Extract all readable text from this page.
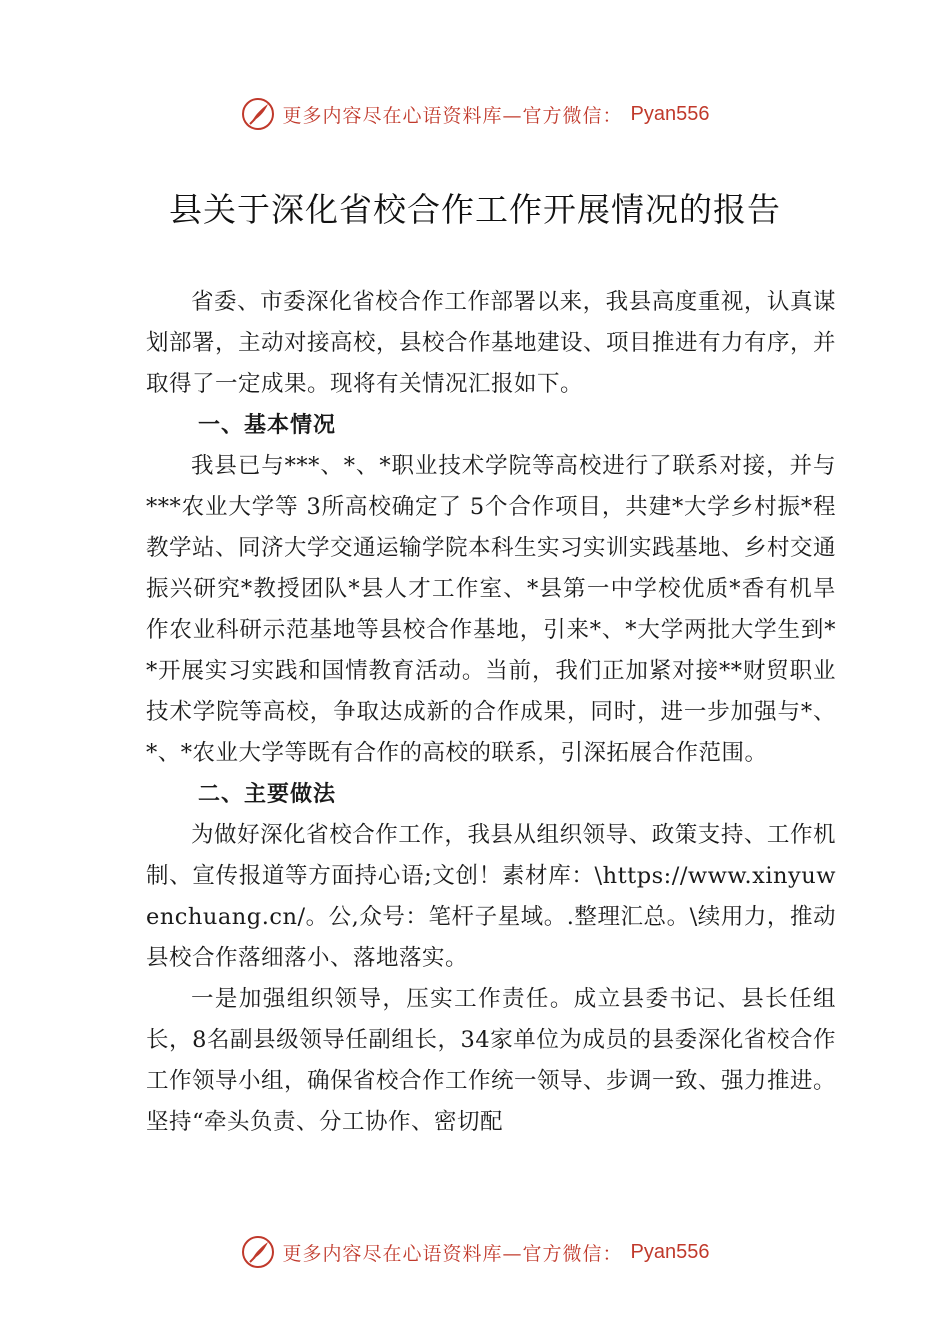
更多内容尽在心语资料库—官方微信： Pyan556
县关于深化省校合作工作开展情况的报告

省委、市委深化省校合作工作部署以来，我县高度重视，认真谋划部署，主动对接高校，县校合作基地建设、项目推进有力有序，并取得了一定成果。现将有关情况汇报如下。

一、基本情况

我县已与***、*、*职业技术学院等高校进行了联系对接，并与***农业大学等 3所高校确定了 5个合作项目，共建*大学乡村振*程教学站、同济大学交通运输学院本科生实习实训实践基地、乡村交通振兴研究*教授团队*县人才工作室、*县第一中学校优质*香有机旱作农业科研示范基地等县校合作基地，引来*、*大学两批大学生到**开展实习实践和国情教育活动。当前，我们正加紧对接**财贸职业技术学院等高校，争取达成新的合作成果，同时，进一步加强与*、*、*农业大学等既有合作的高校的联系，引深拓展合作范围。

二、主要做法

为做好深化省校合作工作，我县从组织领导、政策支持、工作机制、宣传报道等方面持心语;文创！素材库：\https://www.xinyuwenchuang.cn/。公,众号：笔杆子星域。.整理汇总。\续用力，推动县校合作落细落小、落地落实。

一是加强组织领导，压实工作责任。成立县委书记、县长任组长，8名副县级领导任副组长，34家单位为成员的县委深化省校合作工作领导小组，确保省校合作工作统一领导、步调一致、强力推进。坚持“牵头负责、分工协作、密切配

更多内容尽在心语资料库—官方微信： Pyan556
